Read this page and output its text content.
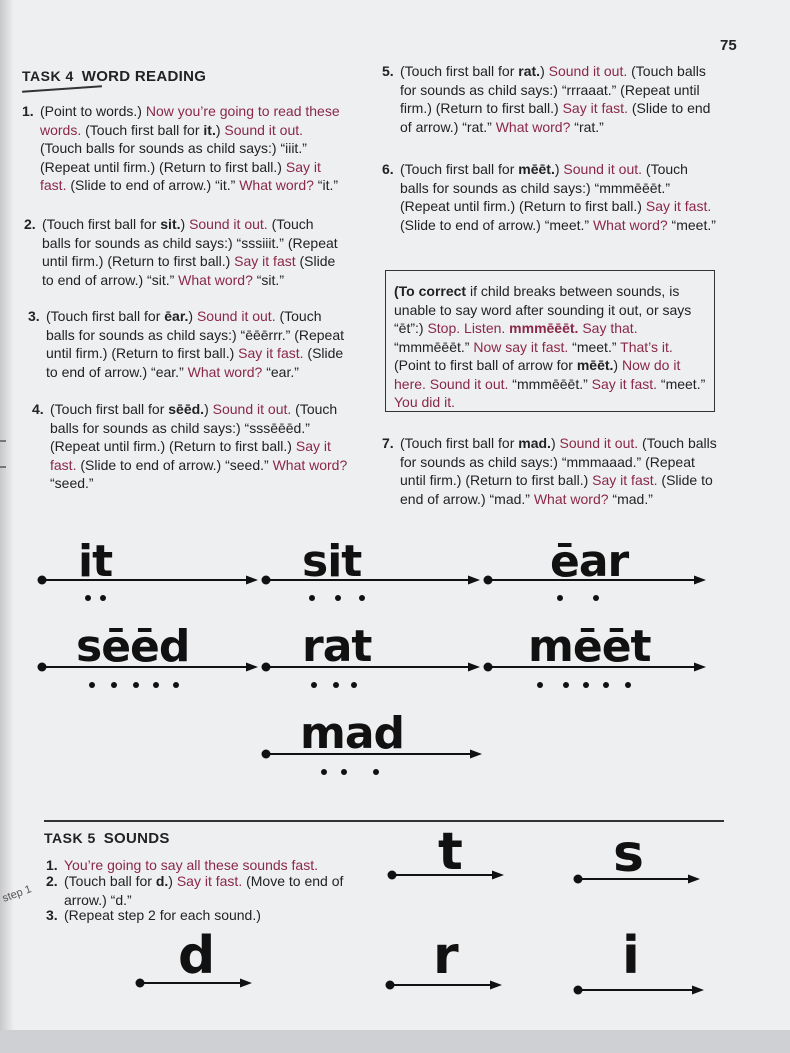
75
TASK 4 WORD READING
1. (Point to words.) Now you’re going to read these words. (Touch first ball for it.) Sound it out. (Touch balls for sounds as child says:) “iiit.” (Repeat until firm.) (Return to first ball.) Say it fast. (Slide to end of arrow.) “it.” What word? “it.”
2. (Touch first ball for sit.) Sound it out. (Touch balls for sounds as child says:) “sssiiit.” (Repeat until firm.) (Return to first ball.) Say it fast (Slide to end of arrow.) “sit.” What word? “sit.”
3. (Touch first ball for ēar.) Sound it out. (Touch balls for sounds as child says:) “ēēērrr.” (Repeat until firm.) (Return to first ball.) Say it fast. (Slide to end of arrow.) “ear.” What word? “ear.”
4. (Touch first ball for sēēd.) Sound it out. (Touch balls for sounds as child says:) “sssēēēd.” (Repeat until firm.) (Return to first ball.) Say it fast. (Slide to end of arrow.) “seed.” What word? “seed.”
5. (Touch first ball for rat.) Sound it out. (Touch balls for sounds as child says:) “rrraaat.” (Repeat until firm.) (Return to first ball.) Say it fast. (Slide to end of arrow.) “rat.” What word? “rat.”
6. (Touch first ball for mēēt.) Sound it out. (Touch balls for sounds as child says:) “mmmēēēt.” (Repeat until firm.) (Return to first ball.) Say it fast. (Slide to end of arrow.) “meet.” What word? “meet.”
(To correct if child breaks between sounds, is unable to say word after sounding it out, or says “ēt”:) Stop. Listen. mmmēēēt. Say that. “mmmēēēt.” Now say it fast. “meet.” That’s it. (Point to first ball of arrow for mēēt.) Now do it here. Sound it out. “mmmēēēt.” Say it fast. “meet.” You did it.
7. (Touch first ball for mad.) Sound it out. (Touch balls for sounds as child says:) “mmmaaad.” (Repeat until firm.) (Return to first ball.) Say it fast. (Slide to end of arrow.) “mad.” What word? “mad.”
it	sit	ēar
sēēd	rat	mēēt
mad
TASK 5 SOUNDS
1. You’re going to say all these sounds fast.
2. (Touch ball for d.) Say it fast. (Move to end of arrow.) “d.”
3. (Repeat step 2 for each sound.)
t	s
d	r	i
step 1
